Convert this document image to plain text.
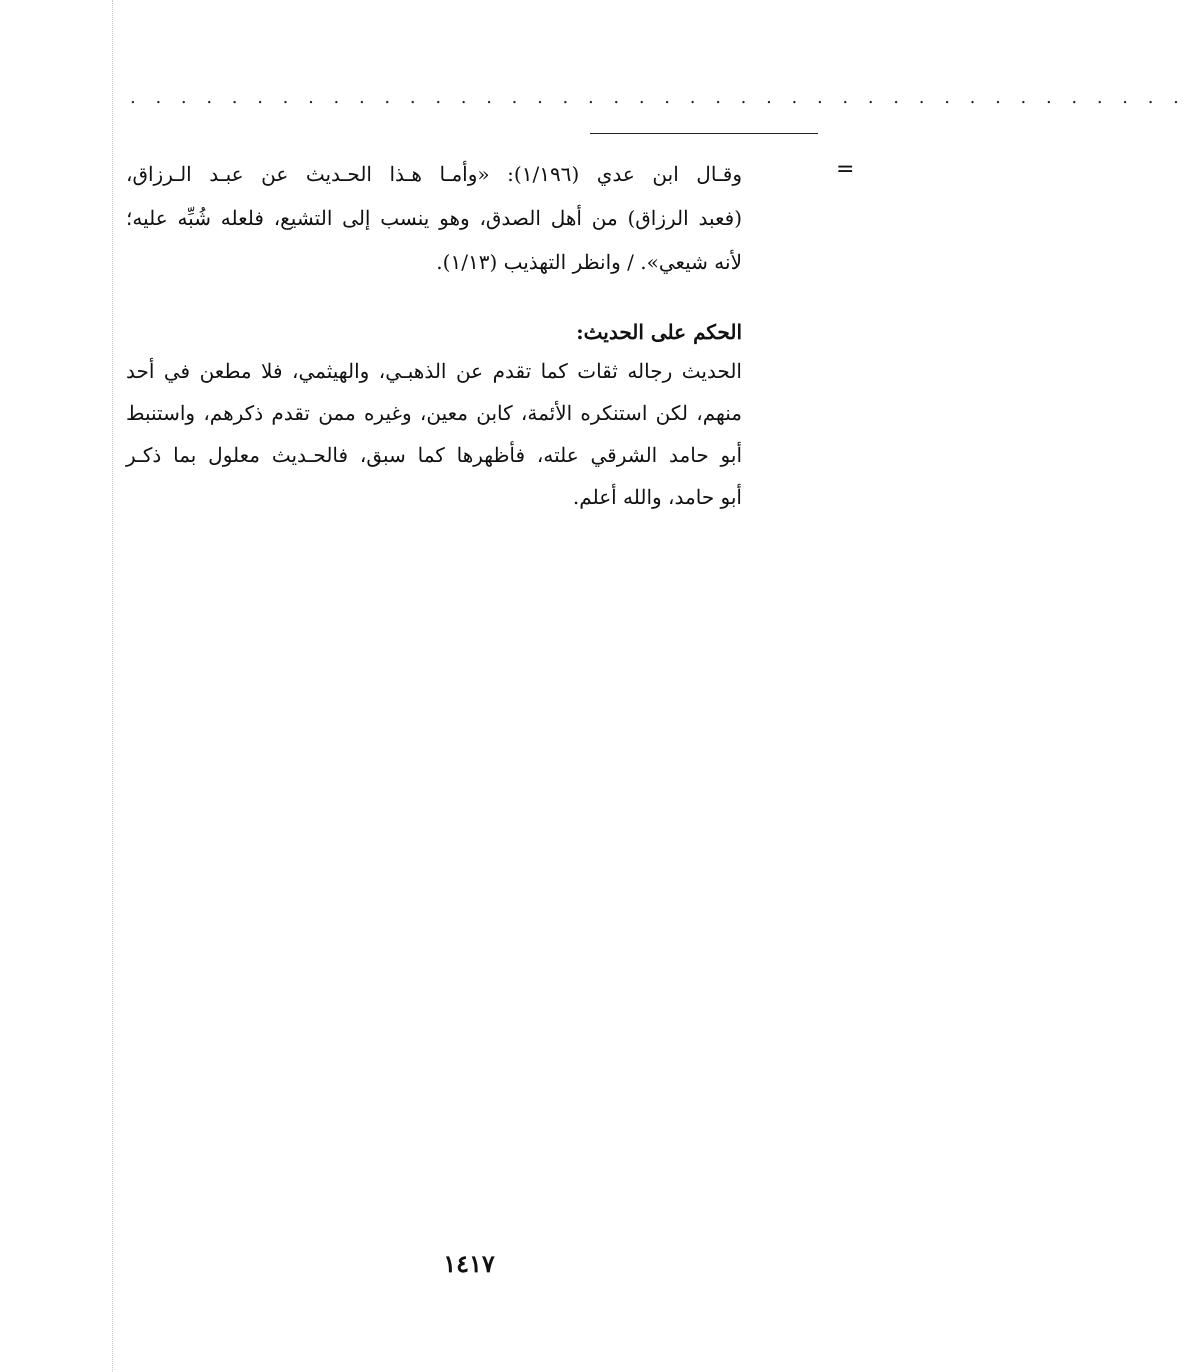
. . . . . . . . . . . . . . . . . . . . . . . . . . . . . . . . . . . . . . . . . .
=
وقـال ابن عدي (١/١٩٦): «وأمـا هـذا الحـديث عن عبـد الـرزاق،
(فعبد الرزاق) من أهل الصدق، وهو ينسب إلى التشيع، فلعله شُبِّه عليه؛
لأنه شيعي». / وانظر التهذيب (١/١٣).
الحكم على الحديث:
الحديث رجاله ثقات كما تقدم عن الذهبـي، والهيثمي، فلا مطعن في أحد
منهم، لكن استنكره الأئمة، كابن معين، وغيره ممن تقدم ذكرهم، واستنبط
أبو حامد الشرقي علته، فأظهرها كما سبق، فالحـديث معلول بما ذكـر
أبو حامد، والله أعلم.
١٤١٧
